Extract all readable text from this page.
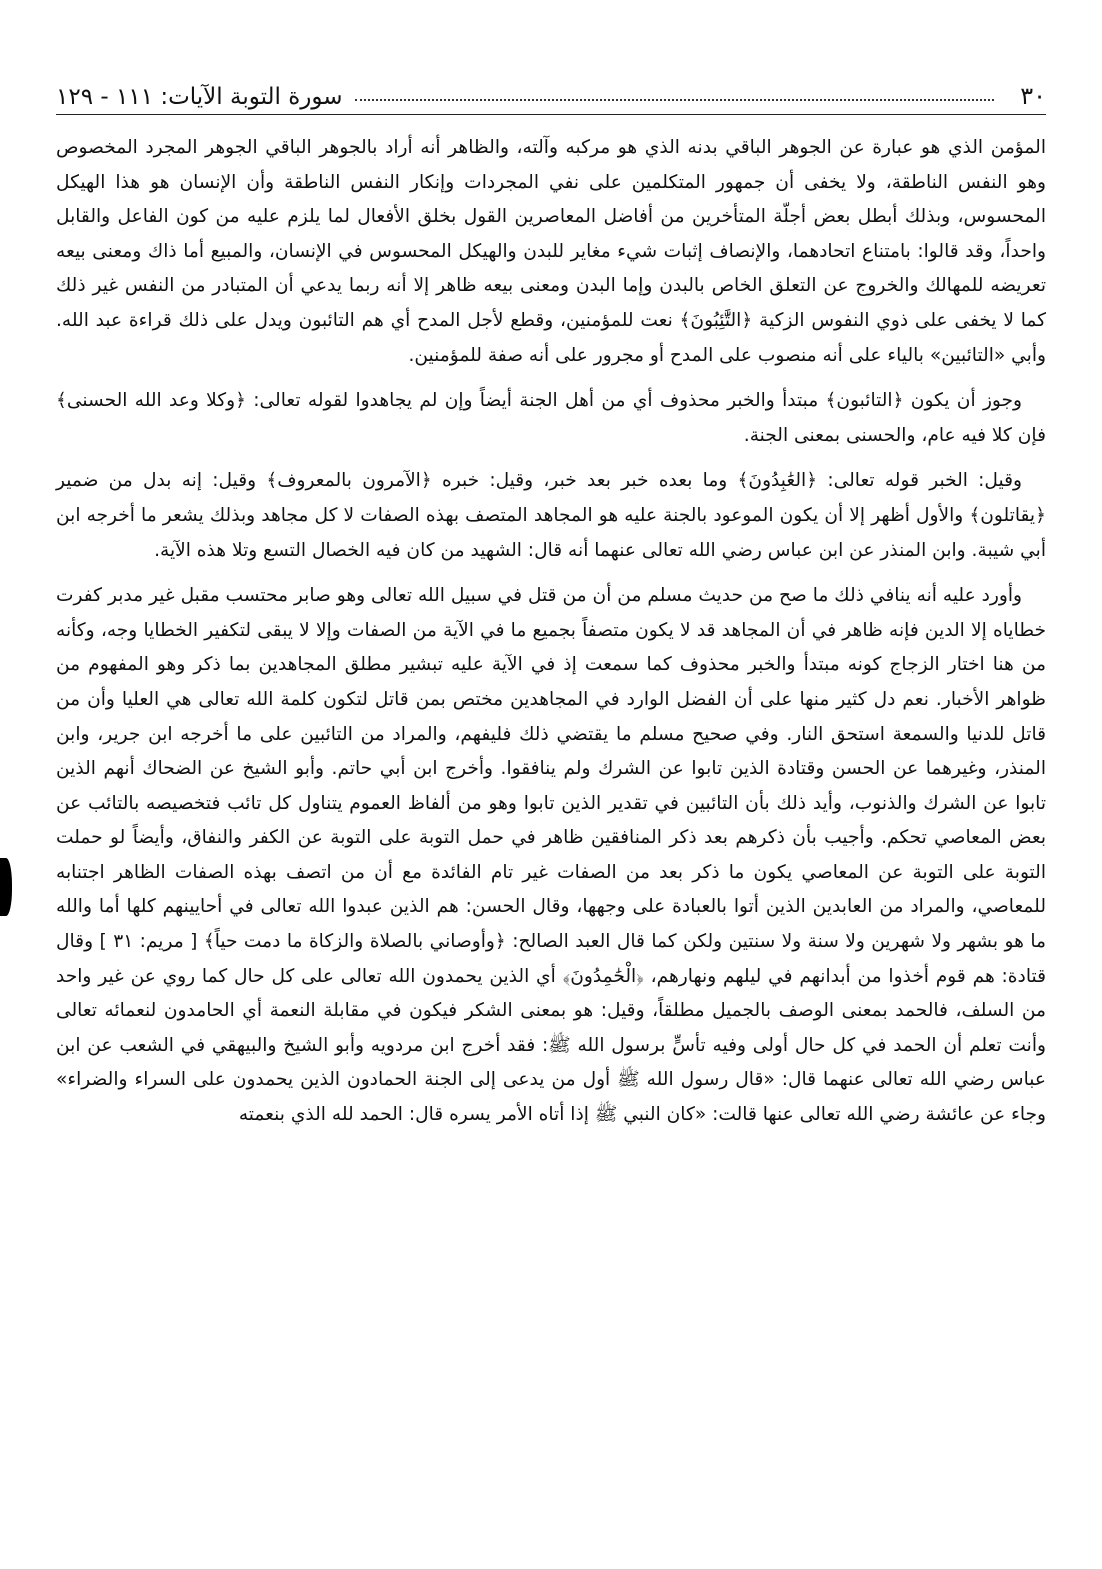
٣٠
سورة التوبة الآيات: ١١١ - ١٢٩

المؤمن الذي هو عبارة عن الجوهر الباقي بدنه الذي هو مركبه وآلته، والظاهر أنه أراد بالجوهر الباقي الجوهر المجرد المخصوص وهو النفس الناطقة، ولا يخفى أن جمهور المتكلمين على نفي المجردات وإنكار النفس الناطقة وأن الإنسان هو هذا الهيكل المحسوس، وبذلك أبطل بعض أجلّة المتأخرين من أفاضل المعاصرين القول بخلق الأفعال لما يلزم عليه من كون الفاعل والقابل واحداً، وقد قالوا: بامتناع اتحادهما، والإنصاف إثبات شيء مغاير للبدن والهيكل المحسوس في الإنسان، والمبيع أما ذاك ومعنى بيعه تعريضه للمهالك والخروج عن التعلق الخاص بالبدن وإما البدن ومعنى بيعه ظاهر إلا أنه ربما يدعي أن المتبادر من النفس غير ذلك كما لا يخفى على ذوي النفوس الزكية ﴿التَّٰئِبُونَ﴾ نعت للمؤمنين، وقطع لأجل المدح أي هم التائبون ويدل على ذلك قراءة عبد الله. وأبي «التائبين» بالياء على أنه منصوب على المدح أو مجرور على أنه صفة للمؤمنين.

وجوز أن يكون ﴿التائبون﴾ مبتدأ والخبر محذوف أي من أهل الجنة أيضاً وإن لم يجاهدوا لقوله تعالى: ﴿وكلا وعد الله الحسنى﴾ فإن كلا فيه عام، والحسنى بمعنى الجنة.

وقيل: الخبر قوله تعالى: ﴿العَٰبِدُونَ﴾ وما بعده خبر بعد خبر، وقيل: خبره ﴿الآمرون بالمعروف﴾ وقيل: إنه بدل من ضمير ﴿يقاتلون﴾ والأول أظهر إلا أن يكون الموعود بالجنة عليه هو المجاهد المتصف بهذه الصفات لا كل مجاهد وبذلك يشعر ما أخرجه ابن أبي شيبة. وابن المنذر عن ابن عباس رضي الله تعالى عنهما أنه قال: الشهيد من كان فيه الخصال التسع وتلا هذه الآية.

وأورد عليه أنه ينافي ذلك ما صح من حديث مسلم من أن من قتل في سبيل الله تعالى وهو صابر محتسب مقبل غير مدبر كفرت خطاياه إلا الدين فإنه ظاهر في أن المجاهد قد لا يكون متصفاً بجميع ما في الآية من الصفات وإلا لا يبقى لتكفير الخطايا وجه، وكأنه من هنا اختار الزجاج كونه مبتدأ والخبر محذوف كما سمعت إذ في الآية عليه تبشير مطلق المجاهدين بما ذكر وهو المفهوم من ظواهر الأخبار. نعم دل كثير منها على أن الفضل الوارد في المجاهدين مختص بمن قاتل لتكون كلمة الله تعالى هي العليا وأن من قاتل للدنيا والسمعة استحق النار. وفي صحيح مسلم ما يقتضي ذلك فليفهم، والمراد من التائبين على ما أخرجه ابن جرير، وابن المنذر، وغيرهما عن الحسن وقتادة الذين تابوا عن الشرك ولم ينافقوا. وأخرج ابن أبي حاتم. وأبو الشيخ عن الضحاك أنهم الذين تابوا عن الشرك والذنوب، وأيد ذلك بأن التائبين في تقدير الذين تابوا وهو من ألفاظ العموم يتناول كل تائب فتخصيصه بالتائب عن بعض المعاصي تحكم. وأجيب بأن ذكرهم بعد ذكر المنافقين ظاهر في حمل التوبة على التوبة عن الكفر والنفاق، وأيضاً لو حملت التوبة على التوبة عن المعاصي يكون ما ذكر بعد من الصفات غير تام الفائدة مع أن من اتصف بهذه الصفات الظاهر اجتنابه للمعاصي، والمراد من العابدين الذين أتوا بالعبادة على وجهها، وقال الحسن: هم الذين عبدوا الله تعالى في أحايينهم كلها أما والله ما هو بشهر ولا شهرين ولا سنة ولا سنتين ولكن كما قال العبد الصالح: ﴿وأوصاني بالصلاة والزكاة ما دمت حياً﴾ [ مريم: ٣١ ] وقال قتادة: هم قوم أخذوا من أبدانهم في ليلهم ونهارهم، ﴿الْحَٰمِدُونَ﴾ أي الذين يحمدون الله تعالى على كل حال كما روي عن غير واحد من السلف، فالحمد بمعنى الوصف بالجميل مطلقاً، وقيل: هو بمعنى الشكر فيكون في مقابلة النعمة أي الحامدون لنعمائه تعالى وأنت تعلم أن الحمد في كل حال أولى وفيه تأسٍّ برسول الله ﷺ: فقد أخرج ابن مردويه وأبو الشيخ والبيهقي في الشعب عن ابن عباس رضي الله تعالى عنهما قال: «قال رسول الله ﷺ أول من يدعى إلى الجنة الحمادون الذين يحمدون على السراء والضراء» وجاء عن عائشة رضي الله تعالى عنها قالت: «كان النبي ﷺ إذا أتاه الأمر يسره قال: الحمد لله الذي بنعمته
